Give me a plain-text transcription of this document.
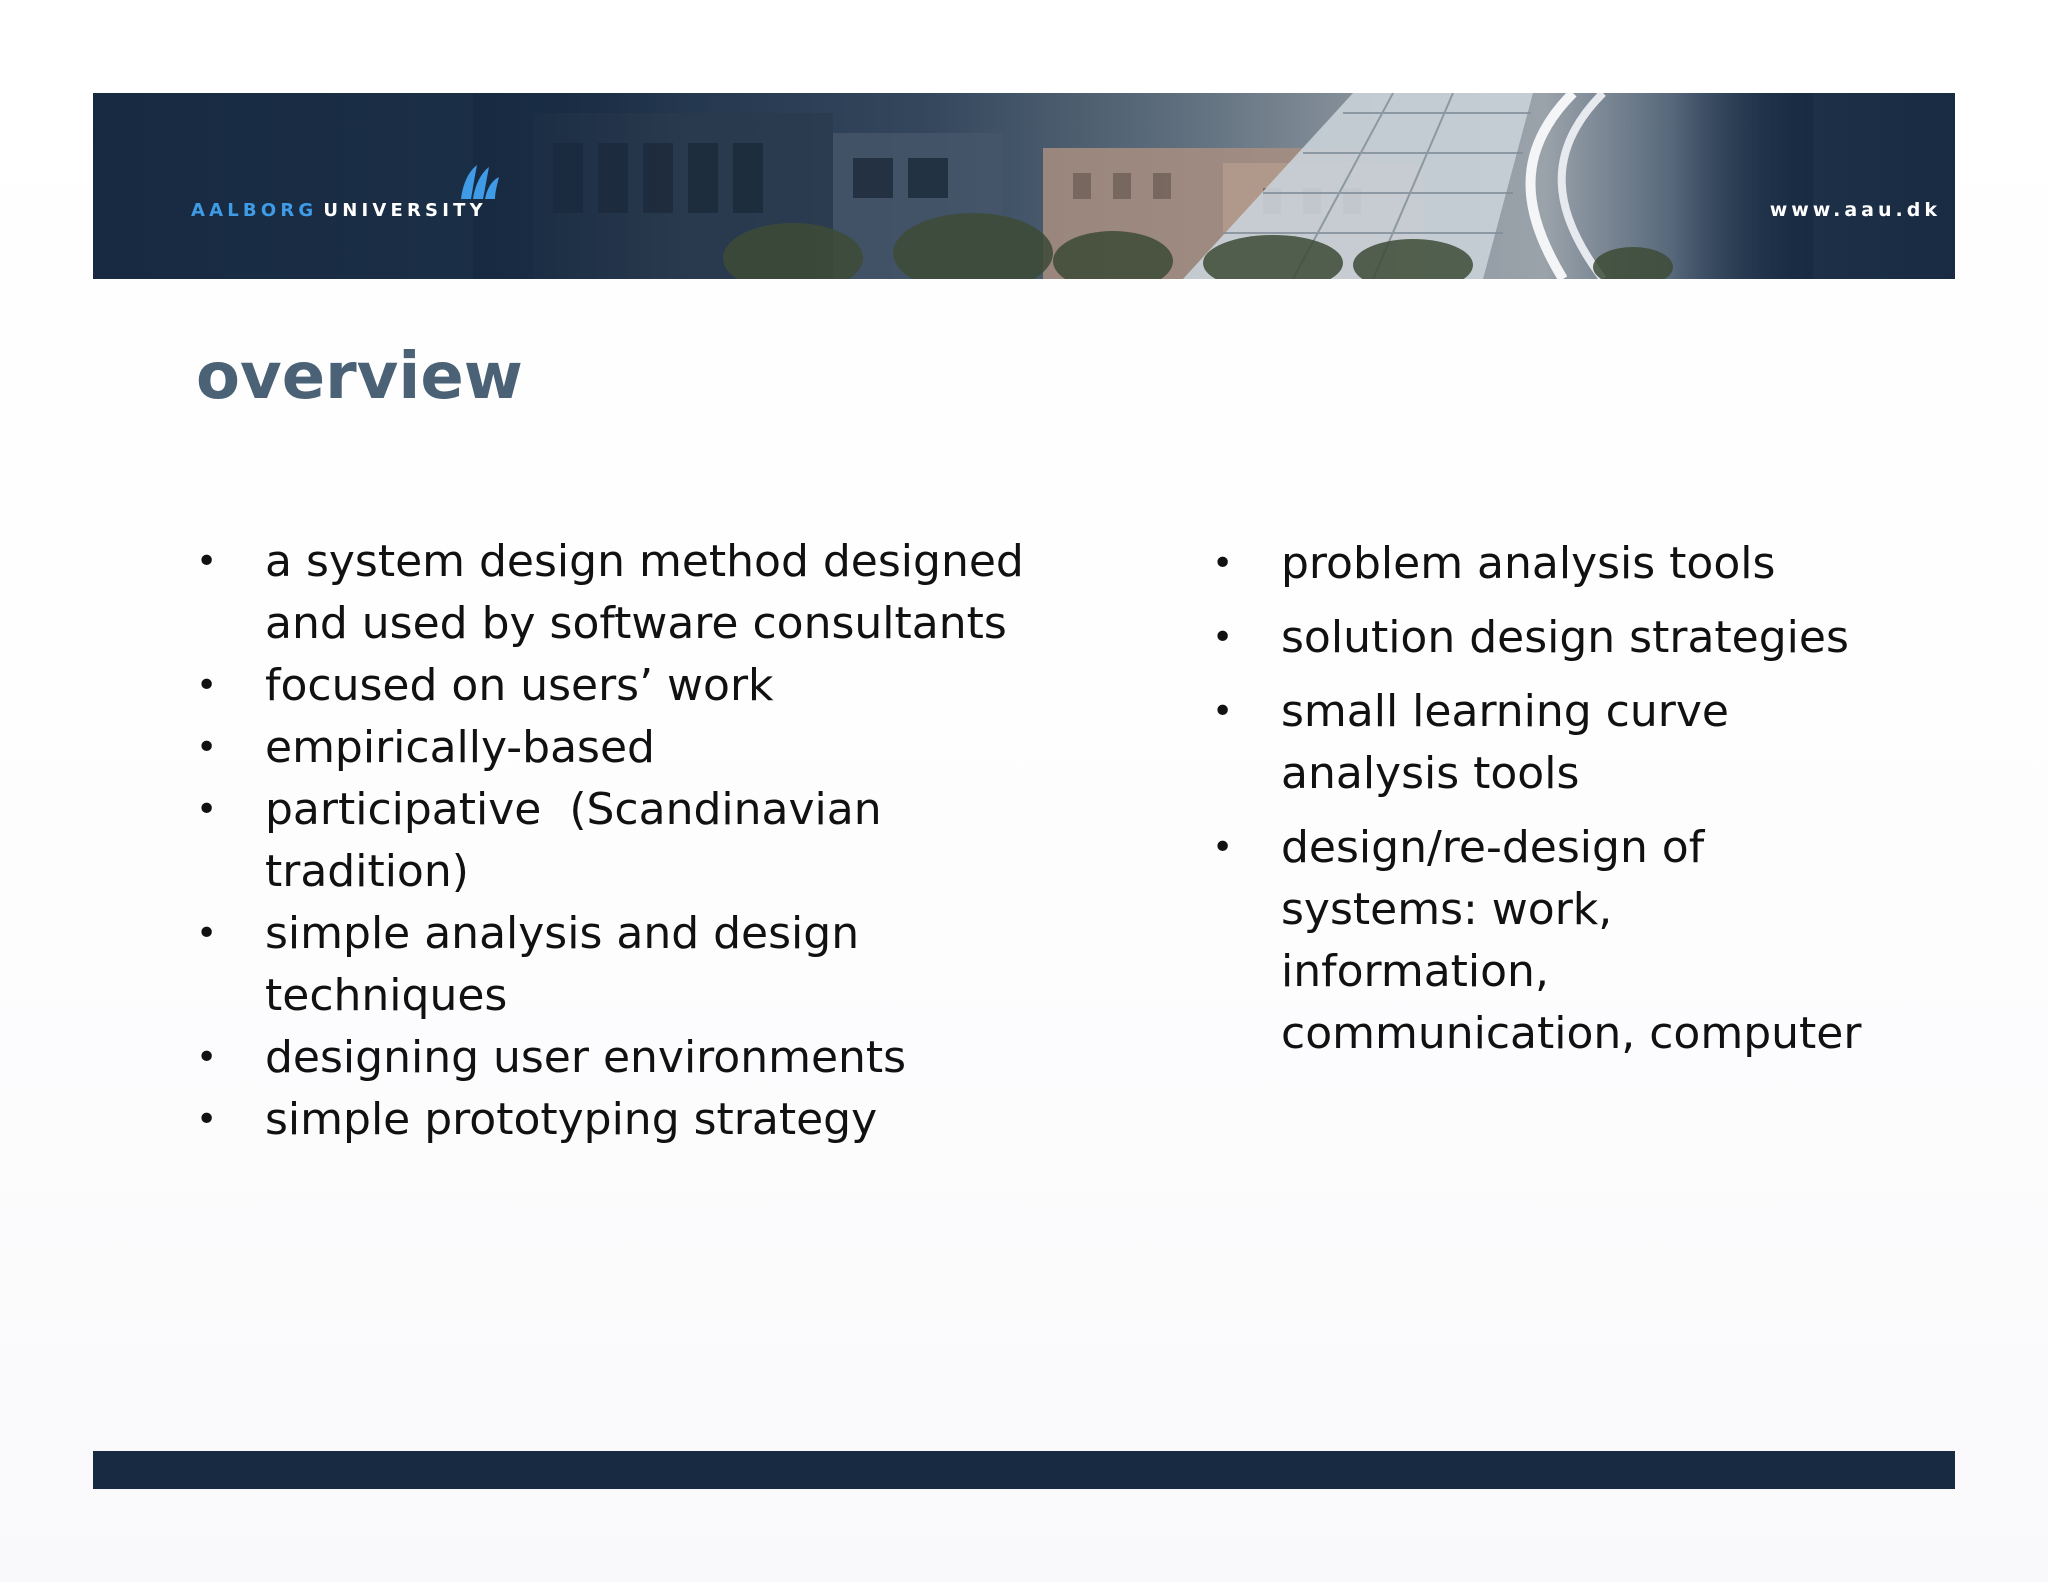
AALBORG UNIVERSITY	www.aau.dk
overview
• a system design method designed
and used by software consultants
• focused on users’ work
• empirically-based
• participative  (Scandinavian
tradition)
• simple analysis and design
techniques
• designing user environments
• simple prototyping strategy
• problem analysis tools
• solution design strategies
• small learning curve
analysis tools
• design/re-design of
systems: work,
information,
communication, computer
